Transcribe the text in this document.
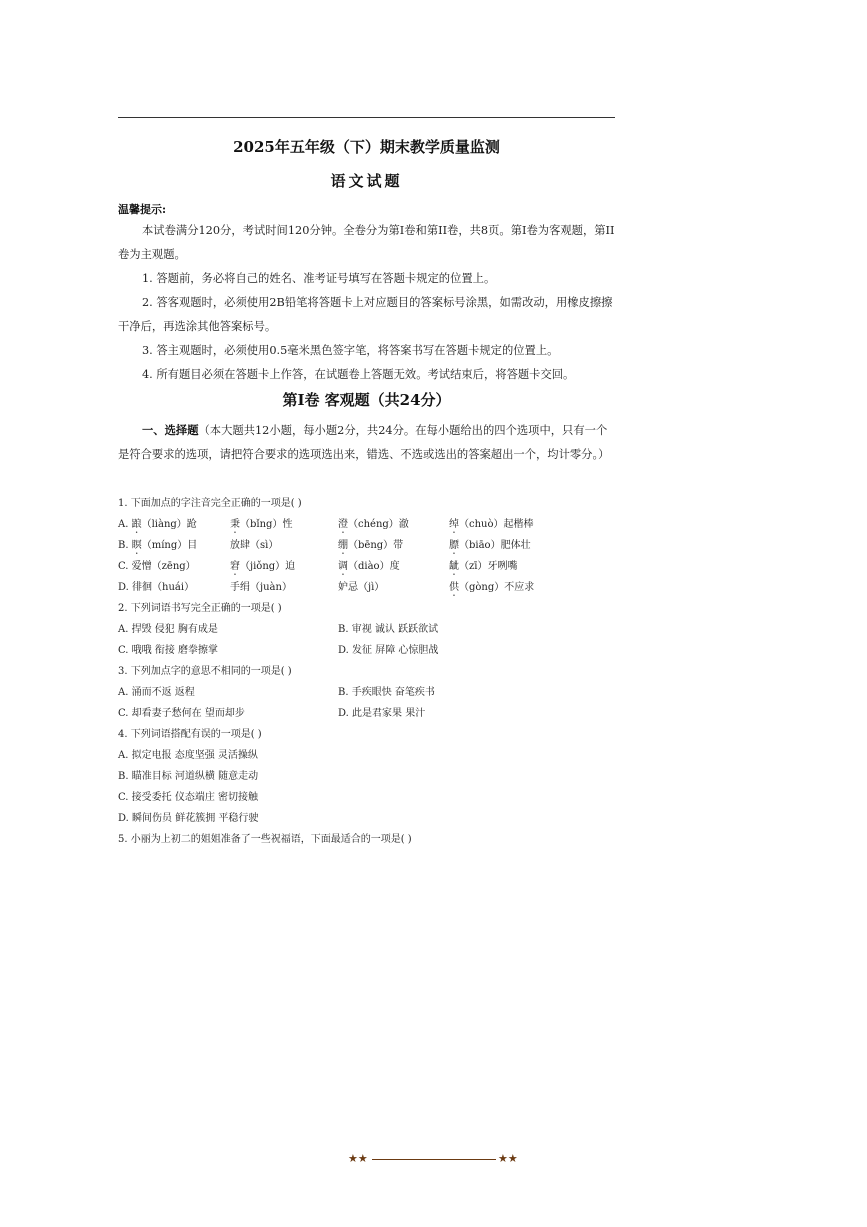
2025年五年级（下）期末教学质量监测
语文试题
温馨提示:
本试卷满分120分，考试时间120分钟。全卷分为第I卷和第II卷，共8页。第I卷为客观题，第II卷为主观题。
1. 答题前，务必将自己的姓名、准考证号填写在答题卡规定的位置上。
2. 答客观题时，必须使用2B铅笔将答题卡上对应题目的答案标号涂黑，如需改动，用橡皮擦擦干净后，再选涂其他答案标号。
3. 答主观题时，必须使用0.5毫米黑色签字笔，将答案书写在答题卡规定的位置上。
4. 所有题目必须在答题卡上作答，在试题卷上答题无效。考试结束后，将答题卡交回。
第I卷 客观题（共24分）
一、选择题（本大题共12小题，每小题2分，共24分。在每小题给出的四个选项中，只有一个是符合要求的选项，请把符合要求的选项选出来，错选、不选或选出的答案超出一个，均计零分。）
1. 下面加点的字注音完全正确的一项是( )
A. 踉（liàng）跄	秉（bǐng）性	澄（chéng）澈	绰（chuò）起楷棒
B. 瞑（míng）目	放肆（sì）	绷（bēng）带	膘（biāo）肥体壮
C. 爱憎（zēng）	窘（jiǒng）迫	调（diào）度	龇（zī）牙咧嘴
D. 徘徊（huái）	手绢（juàn）	妒忌（jì）	供（gòng）不应求
2. 下列词语书写完全正确的一项是( )
A. 捍毁 侵犯 胸有成是	B. 审视 诚认 跃跃欲试
C. 哦哦 衔接 磨拳擦掌	D. 发征 屏障 心惊胆战
3. 下列加点字的意思不相同的一项是( )
A. 涌而不返 返程	B. 手疾眼快 奋笔疾书
C. 却看妻子愁何在 望而却步	D. 此是君家果 果汁
4. 下列词语搭配有误的一项是( )
A. 拟定电报 态度坚强 灵活操纵
B. 瞄准目标 河道纵横 随意走动
C. 接受委托 仪态端庄 密切接触
D. 瞬间伤员 鲜花簇拥 平稳行驶
5. 小丽为上初二的姐姐准备了一些祝福语，下面最适合的一项是( )
★★	★★
